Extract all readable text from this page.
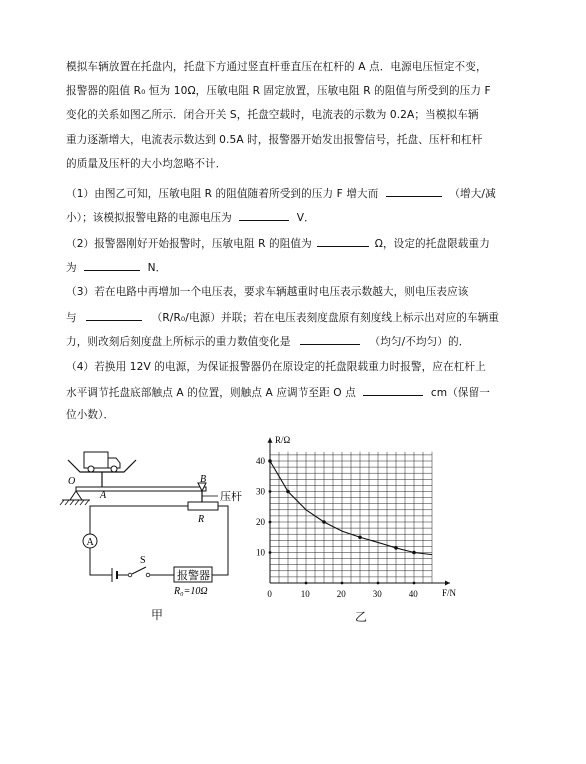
模拟车辆放置在托盘内，托盘下方通过竖直杆垂直压在杠杆的 A 点．电源电压恒定不变，
报警器的阻值 R₀ 恒为 10Ω，压敏电阻 R 固定放置，压敏电阻 R 的阻值与所受到的压力 F
变化的关系如图乙所示．闭合开关 S，托盘空载时，电流表的示数为 0.2A；当模拟车辆
重力逐渐增大，电流表示数达到 0.5A 时，报警器开始发出报警信号，托盘、压杆和杠杆
的质量及压杆的大小均忽略不计．
（1）由图乙可知，压敏电阻 R 的阻值随着所受到的压力 F 增大而	（增大/减
小）；该模拟报警电路的电源电压为	V．
（2）报警器刚好开始报警时，压敏电阻 R 的阻值为	Ω，设定的托盘限载重力
为	N．
（3）若在电路中再增加一个电压表，要求车辆越重时电压表示数越大，则电压表应该
与	（R/R₀/电源）并联；若在电压表刻度盘原有刻度线上标示出对应的车辆重
力，则改刻后刻度盘上所标示的重力数值变化是	（均匀/不均匀）的．
（4）若换用 12V 的电源，为保证报警器仍在原设定的托盘限载重力时报警，应在杠杆上
水平调节托盘底部触点 A 的位置，则触点 A 应调节至距 O 点	cm（保留一
位小数）．
O
A
B
压杆
R
A
S
报警器
R₀=10Ω
甲
R/Ω
F/N
0	10	20	30	40
10
20
30
40
乙
